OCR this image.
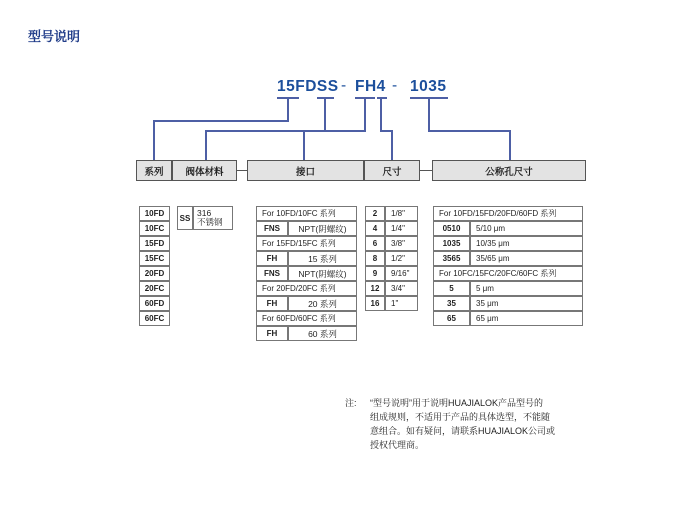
型号说明
15FDSS - FH4 - 1035
系列	阀体材料	接口	尺寸	公称孔尺寸
10FD
10FC
15FD
15FC
20FD
20FC
60FD
60FC
SS 316
不锈钢
For 10FD/10FC 系列
FNS	NPT(阴螺纹)
For 15FD/15FC 系列
FH	15 系列
FNS	NPT(阴螺纹)
For 20FD/20FC 系列
FH	20 系列
For 60FD/60FC 系列
FH	60 系列
2	1/8"
4	1/4"
6	3/8"
8	1/2"
9	9/16"
12	3/4"
16	1"
For 10FD/15FD/20FD/60FD 系列
0510	5/10 μm
1035	10/35 μm
3565	35/65 μm
For 10FC/15FC/20FC/60FC 系列
5	5 μm
35	35 μm
65	65 μm
注: “型号说明”用于说明HUAJIALOK产品型号的
组成规则，不适用于产品的具体选型，不能随
意组合。如有疑问，请联系HUAJIALOK公司或
授权代理商。
